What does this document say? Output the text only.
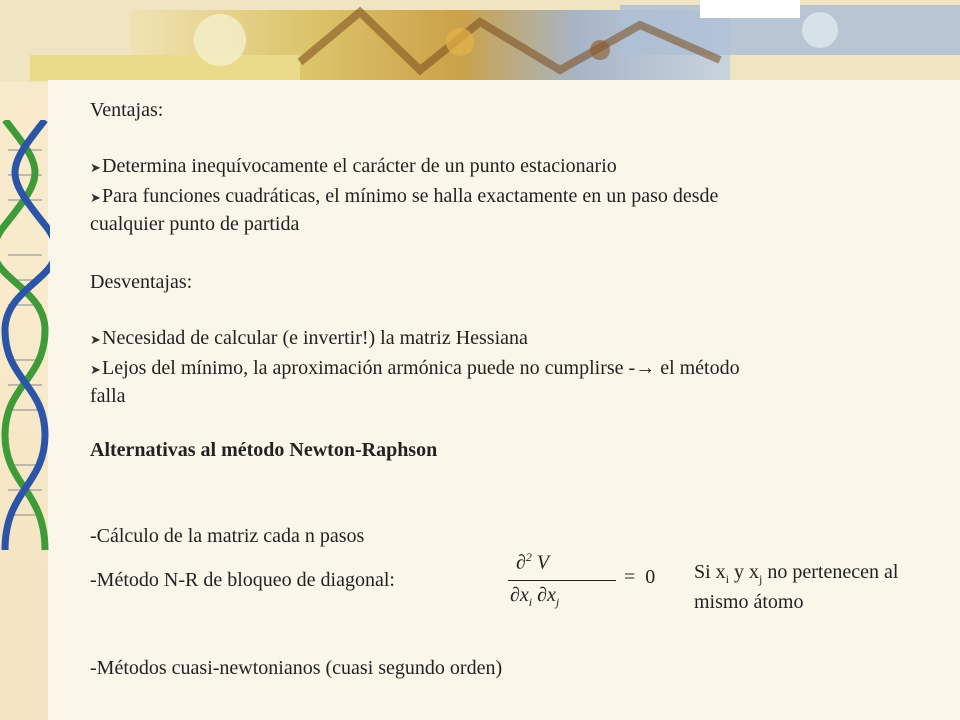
Ventajas:

➤Determina inequívocamente el carácter de un punto estacionario

➤Para funciones cuadráticas, el mínimo se halla exactamente en un paso desde

cualquier punto de partida

Desventajas:

➤Necesidad de calcular (e invertir!) la matriz Hessiana

➤Lejos del mínimo, la aproximación armónica puede no cumplirse -→ el método

falla

Alternativas al método Newton-Raphson

-Cálculo de la matriz cada n pasos

-Método N-R de bloqueo de diagonal:

-Métodos cuasi-newtonianos (cuasi segundo orden)

∂$^2$ V
$\partial x_i$ $\partial x_j$
= 0 Si $x_i$ y $x_j$ no pertenecen al

mismo átomo
